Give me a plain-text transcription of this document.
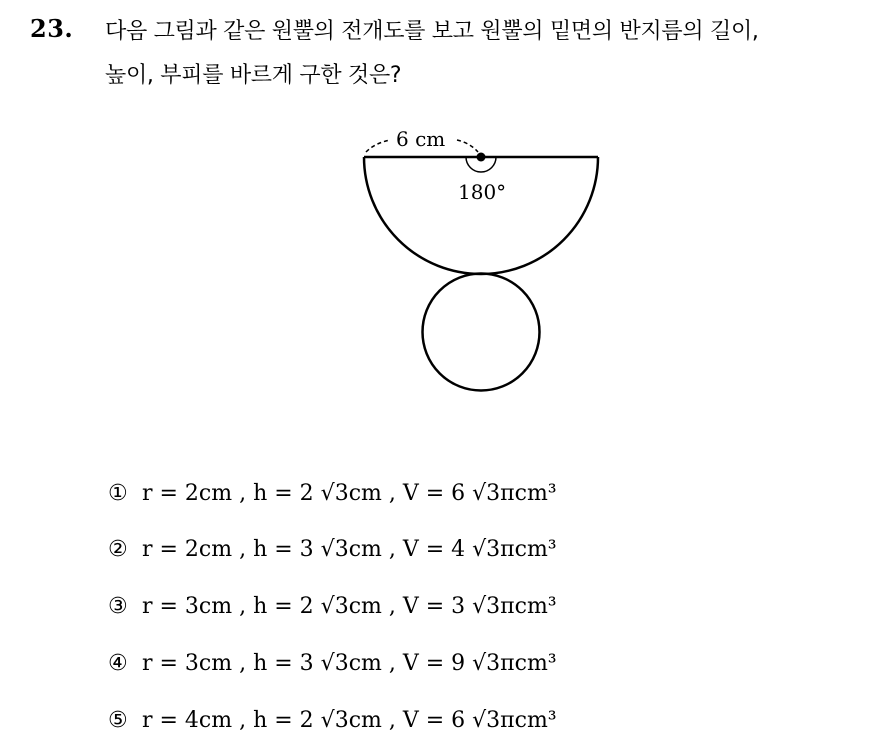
23. 다음 그림과 같은 원뿔의 전개도를 보고 원뿔의 밑면의 반지름의 길이,
높이, 부피를 바르게 구한 것은?
6 cm
180°
① r = 2cm , h = 2 √3cm , V = 6 √3πcm³
② r = 2cm , h = 3 √3cm , V = 4 √3πcm³
③ r = 3cm , h = 2 √3cm , V = 3 √3πcm³
④ r = 3cm , h = 3 √3cm , V = 9 √3πcm³
⑤ r = 4cm , h = 2 √3cm , V = 6 √3πcm³
